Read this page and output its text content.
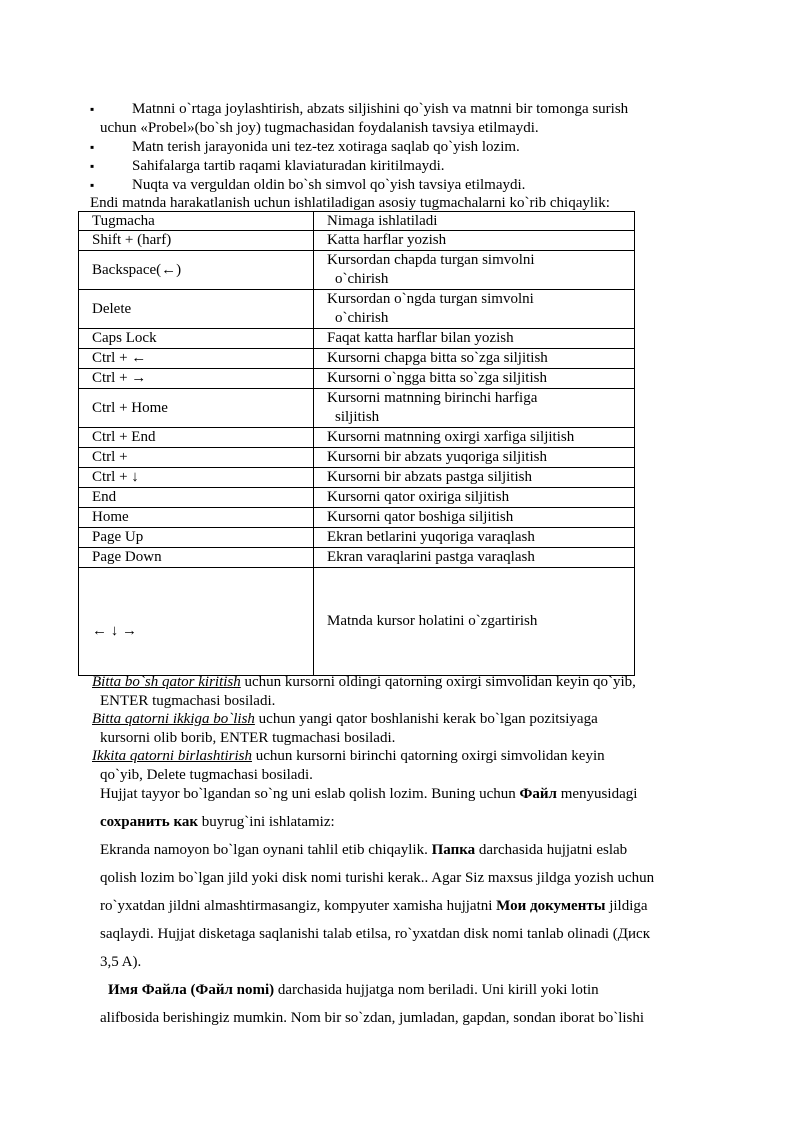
▪	Matnni o`rtaga joylashtirish, abzats siljishini qo`yish va matnni bir tomonga surish
uchun «Probel»(bo`sh joy) tugmachasidan foydalanish tavsiya etilmaydi.
▪	Matn terish jarayonida uni tez-tez xotiraga saqlab qo`yish lozim.
▪	Sahifalarga tartib raqami klaviaturadan kiritilmaydi.
▪	Nuqta va verguldan oldin bo`sh simvol qo`yish tavsiya etilmaydi.
Endi matnda harakatlanish uchun ishlatiladigan asosiy tugmachalarni ko`rib chiqaylik:
Tugmacha	Nimaga ishlatiladi
Shift + (harf)	Katta harflar yozish
Backspace(←)	Kursordan chapda turgan simvolni
o`chirish

Delete	Kursordan o`ngda turgan simvolni
o`chirish

Caps Lock	Faqat katta harflar bilan yozish
Ctrl + ←	Kursorni chapga bitta so`zga siljitish
Ctrl + →	Kursorni o`ngga bitta so`zga siljitish
Ctrl + Home	Kursorni matnning birinchi harfiga
siljitish

Ctrl + End	Kursorni matnning oxirgi xarfiga siljitish
Ctrl +	Kursorni bir abzats yuqoriga siljitish
Ctrl + ↓	Kursorni bir abzats pastga siljitish
End	Kursorni qator oxiriga siljitish
Home	Kursorni qator boshiga siljitish
Page Up	Ekran betlarini yuqoriga varaqlash
Page Down	Ekran varaqlarini pastga varaqlash
← ↓ →	Matnda kursor holatini o`zgartirish
Bitta bo`sh qator kiritish uchun kursorni oldingi qatorning oxirgi simvolidan keyin qo`yib,
ENTER tugmachasi bosiladi.
Bitta qatorni ikkiga bo`lish uchun yangi qator boshlanishi kerak bo`lgan pozitsiyaga
kursorni olib borib, ENTER tugmachasi bosiladi.
Ikkita qatorni birlashtirish uchun kursorni birinchi qatorning oxirgi simvolidan keyin
qo`yib, Delete tugmachasi bosiladi.
Hujjat tayyor bo`lgandan so`ng uni eslab qolish lozim. Buning uchun Файл menyusidagi
сохранить как buyrug`ini ishlatamiz:
Ekranda namoyon bo`lgan oynani tahlil etib chiqaylik. Папка darchasida hujjatni eslab
qolish lozim bo`lgan jild yoki disk nomi turishi kerak.. Agar Siz maxsus jildga yozish uchun
ro`yxatdan jildni almashtirmasangiz, kompyuter xamisha hujjatni Мои документы jildiga
saqlaydi. Hujjat disketaga saqlanishi talab etilsa, ro`yxatdan disk nomi tanlab olinadi (Диск
3,5 A).
Имя Файла (Файл nomi) darchasida hujjatga nom beriladi. Uni kirill yoki lotin
alifbosida berishingiz mumkin. Nom bir so`zdan, jumladan, gapdan, sondan iborat bo`lishi
